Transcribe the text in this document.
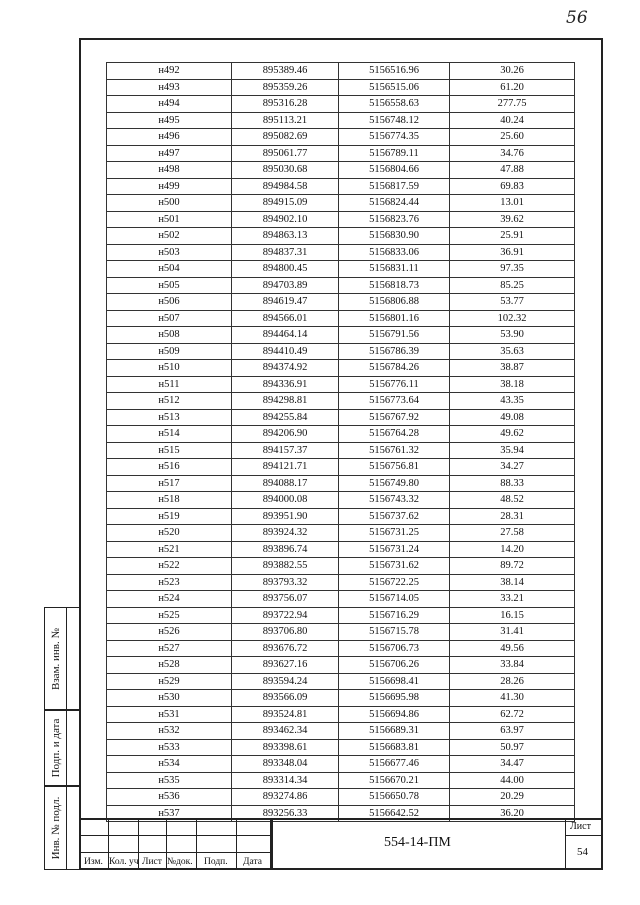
56
Взам. инв. №
Подп. и дата
Инв. № подл.
н492	895389.46	5156516.96	30.26
н493	895359.26	5156515.06	61.20
н494	895316.28	5156558.63	277.75
н495	895113.21	5156748.12	40.24
н496	895082.69	5156774.35	25.60
н497	895061.77	5156789.11	34.76
н498	895030.68	5156804.66	47.88
н499	894984.58	5156817.59	69.83
н500	894915.09	5156824.44	13.01
н501	894902.10	5156823.76	39.62
н502	894863.13	5156830.90	25.91
н503	894837.31	5156833.06	36.91
н504	894800.45	5156831.11	97.35
н505	894703.89	5156818.73	85.25
н506	894619.47	5156806.88	53.77
н507	894566.01	5156801.16	102.32
н508	894464.14	5156791.56	53.90
н509	894410.49	5156786.39	35.63
н510	894374.92	5156784.26	38.87
н511	894336.91	5156776.11	38.18
н512	894298.81	5156773.64	43.35
н513	894255.84	5156767.92	49.08
н514	894206.90	5156764.28	49.62
н515	894157.37	5156761.32	35.94
н516	894121.71	5156756.81	34.27
н517	894088.17	5156749.80	88.33
н518	894000.08	5156743.32	48.52
н519	893951.90	5156737.62	28.31
н520	893924.32	5156731.25	27.58
н521	893896.74	5156731.24	14.20
н522	893882.55	5156731.62	89.72
н523	893793.32	5156722.25	38.14
н524	893756.07	5156714.05	33.21
н525	893722.94	5156716.29	16.15
н526	893706.80	5156715.78	31.41
н527	893676.72	5156706.73	49.56
н528	893627.16	5156706.26	33.84
н529	893594.24	5156698.41	28.26
н530	893566.09	5156695.98	41.30
н531	893524.81	5156694.86	62.72
н532	893462.34	5156689.31	63.97
н533	893398.61	5156683.81	50.97
н534	893348.04	5156677.46	34.47
н535	893314.34	5156670.21	44.00
н536	893274.86	5156650.78	20.29
н537	893256.33	5156642.52	36.20
Изм. Кол. уч Лист №док. Подп. Дата
554-14-ПМ
Лист
54
